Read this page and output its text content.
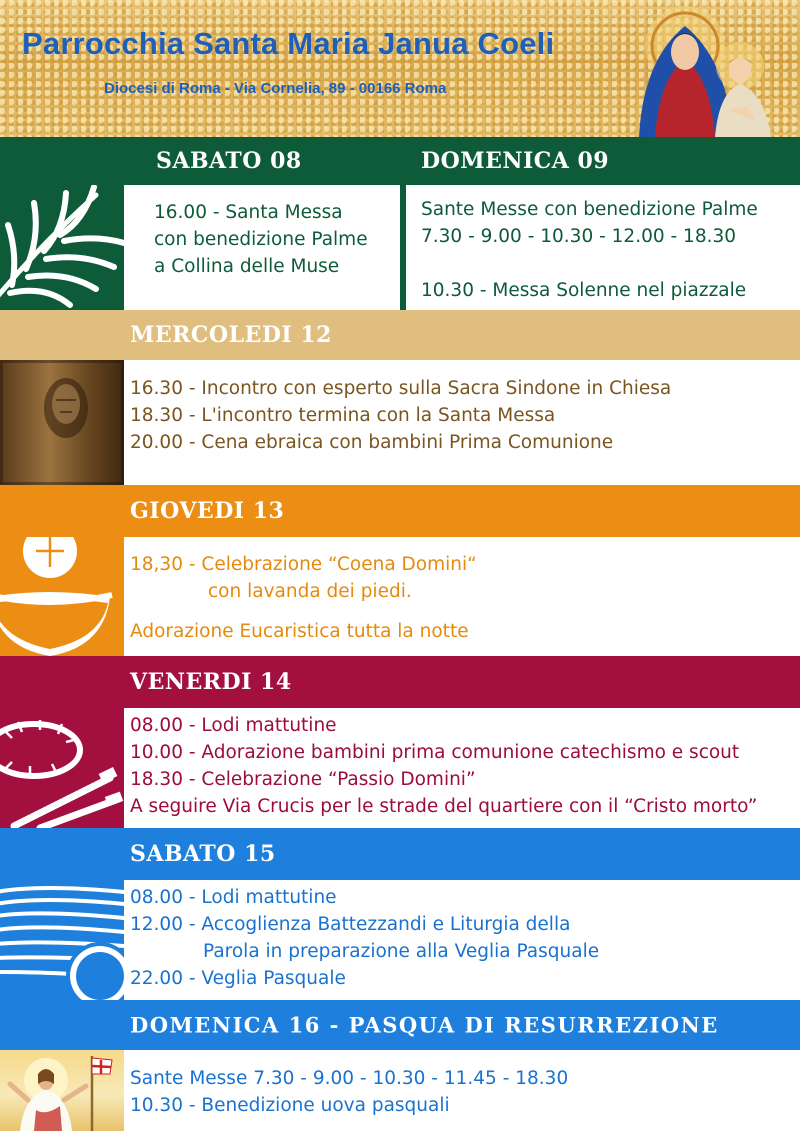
Parrocchia Santa Maria Janua Coeli
Diocesi di Roma - Via Cornelia, 89 - 00166 Roma
SABATO 08	DOMENICA 09

16.00 - Santa Messa

con benedizione Palme

a Collina delle Muse

Sante Messe con benedizione Palme

7.30 - 9.00 - 10.30 - 12.00 - 18.30

10.30 - Messa Solenne nel piazzale

MERCOLEDI 12

16.30 - Incontro con esperto sulla Sacra Sindone in Chiesa

18.30 - L'incontro termina con la Santa Messa

20.00 - Cena ebraica con bambini Prima Comunione

GIOVEDI 13

18,30 - Celebrazione “Coena Domini“

con lavanda dei piedi.

Adorazione Eucaristica tutta la notte

VENERDI 14

08.00 - Lodi mattutine

10.00 - Adorazione bambini prima comunione catechismo e scout

18.30 - Celebrazione “Passio Domini”

A seguire Via Crucis per le strade del quartiere con il “Cristo morto”

SABATO 15

08.00 - Lodi mattutine

12.00 - Accoglienza Battezzandi e Liturgia della

Parola in preparazione alla Veglia Pasquale

22.00 - Veglia Pasquale

DOMENICA 16 - PASQUA DI RESURREZIONE

Sante Messe 7.30 - 9.00 - 10.30 - 11.45 - 18.30

10.30 - Benedizione uova pasquali
